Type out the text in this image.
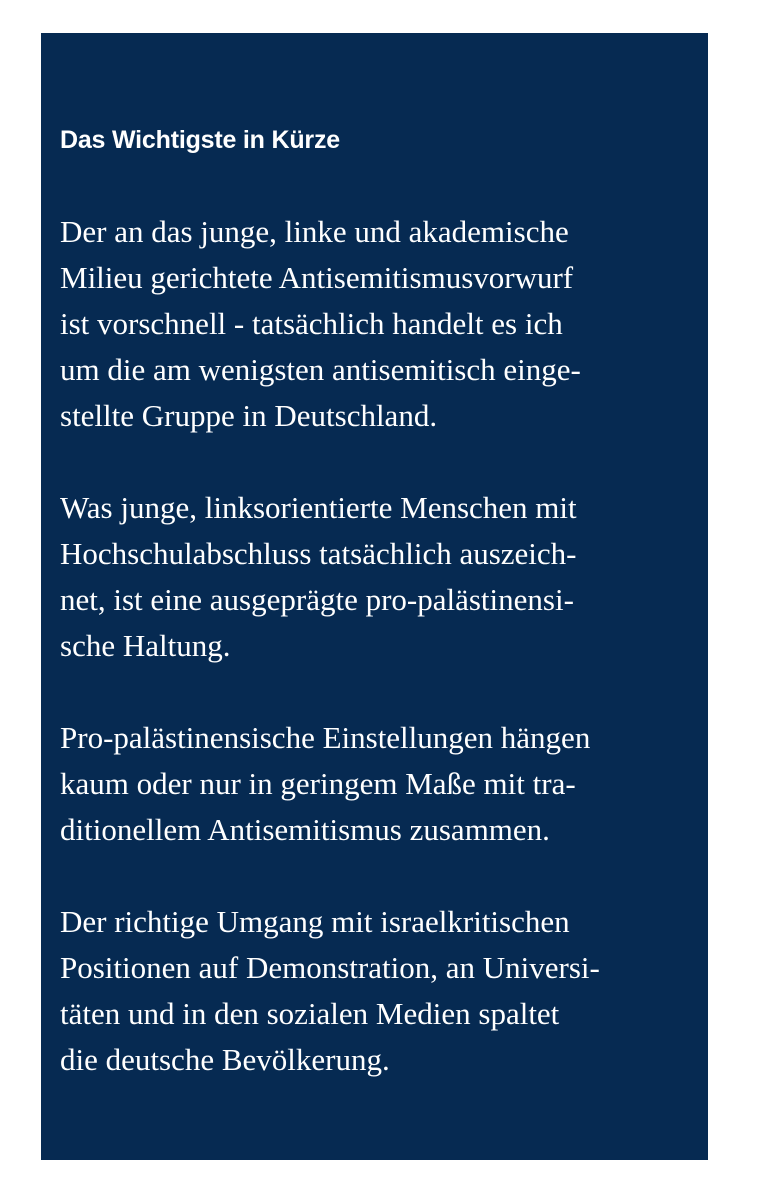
Das Wichtigste in Kürze

Der an das junge, linke und akademische
Milieu gerichtete Antisemitismusvorwurf
ist vorschnell - tatsächlich handelt es ich
um die am wenigsten antisemitisch einge-
stellte Gruppe in Deutschland.

Was junge, linksorientierte Menschen mit
Hochschulabschluss tatsächlich auszeich-
net, ist eine ausgeprägte pro-palästinensi-
sche Haltung.

Pro-palästinensische Einstellungen hängen
kaum oder nur in geringem Maße mit tra-
ditionellem Antisemitismus zusammen.

Der richtige Umgang mit israelkritischen
Positionen auf Demonstration, an Universi-
täten und in den sozialen Medien spaltet
die deutsche Bevölkerung.
